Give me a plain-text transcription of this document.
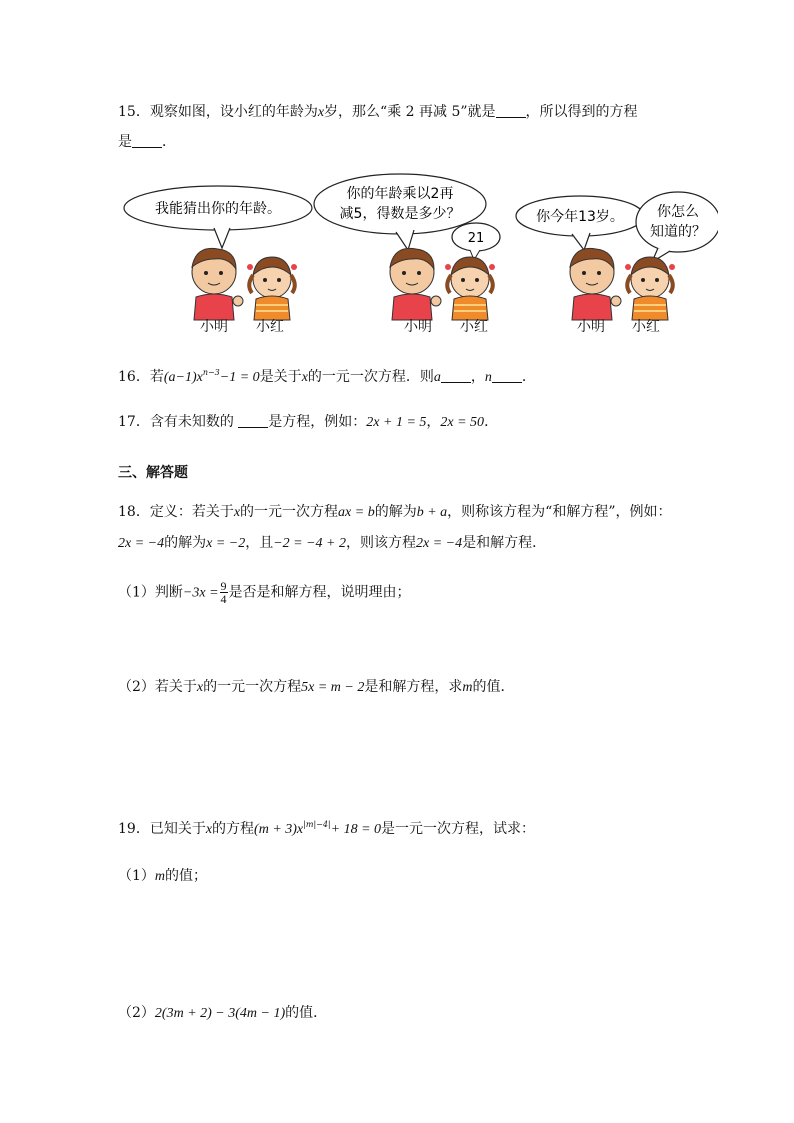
15．观察如图，设小红的年龄为x岁，那么“乘 2 再减 5”就是 ，所以得到的方程
是 ．
我能猜出你的年龄。
你的年龄乘以2再
减5，得数是多少？
21
你今年13岁。 你怎么
知道的？
小明 小红	小明 小红	小明 小红
16．若$(a-1)x^{n-3}-1 = 0$是关于x的一元一次方程．则a ，n ．
17．含有未知数的 是方程，例如：2x + 1 = 5，2x = 50．
三、解答题
18．定义：若关于x的一元一次方程ax = b的解为b + a，则称该方程为“和解方程”，例如：
2x = −4的解为x = −2，且−2 = −4 + 2，则该方程2x = −4是和解方程．
（1）判断$-3x = \frac{9}{4}$ 是否是和解方程，说明理由；
（2）若关于x的一元一次方程5x = m − 2是和解方程，求m的值．
19．已知关于x的方程$(m + 3)x^{|m|-4|}+ 18 = 0$是一元一次方程，试求：
（1）m的值；
（2）2(3m + 2) − 3(4m − 1)的值．
